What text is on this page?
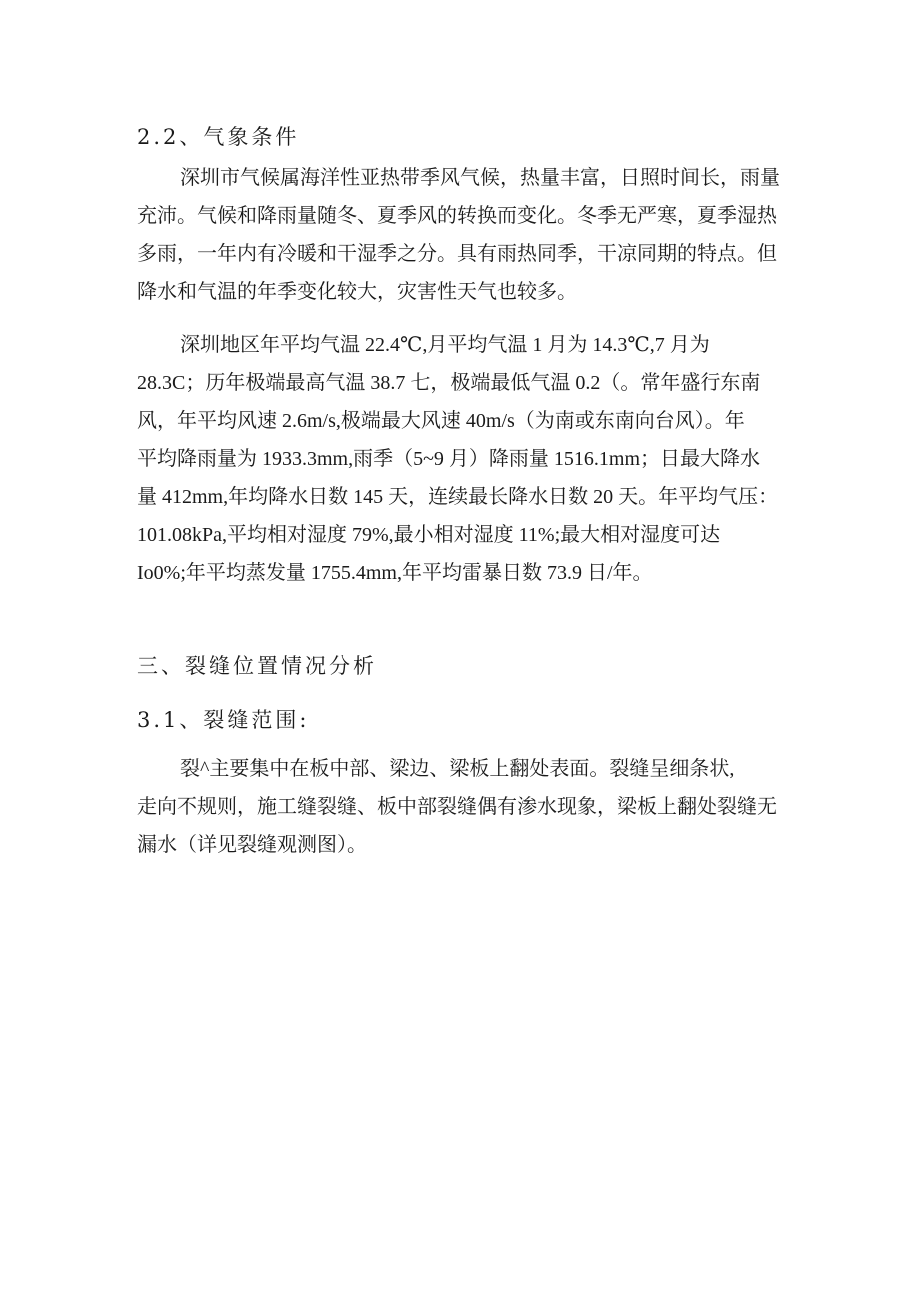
2.2、气象条件

深圳市气候属海洋性亚热带季风气候，热量丰富，日照时间长，雨量
充沛。气候和降雨量随冬、夏季风的转换而变化。冬季无严寒，夏季湿热
多雨，一年内有冷暖和干湿季之分。具有雨热同季，干凉同期的特点。但
降水和气温的年季变化较大，灾害性天气也较多。

深圳地区年平均气温 22.4℃,月平均气温 1 月为 14.3℃,7 月为
28.3C；历年极端最高气温 38.7 七，极端最低气温 0.2（。常年盛行东南
风，年平均风速 2.6m/s,极端最大风速 40m/s（为南或东南向台风）。年
平均降雨量为 1933.3mm,雨季（5~9 月）降雨量 1516.1mm；日最大降水
量 412mm,年均降水日数 145 天，连续最长降水日数 20 天。年平均气压：
101.08kPa,平均相对湿度 79%,最小相对湿度 11%;最大相对湿度可达
Io0%;年平均蒸发量 1755.4mm,年平均雷暴日数 73.9 日/年。

三、裂缝位置情况分析
3.1、裂缝范围:

裂^主要集中在板中部、梁边、梁板上翻处表面。裂缝呈细条状,
走向不规则，施工缝裂缝、板中部裂缝偶有渗水现象，梁板上翻处裂缝无
漏水（详见裂缝观测图）。
